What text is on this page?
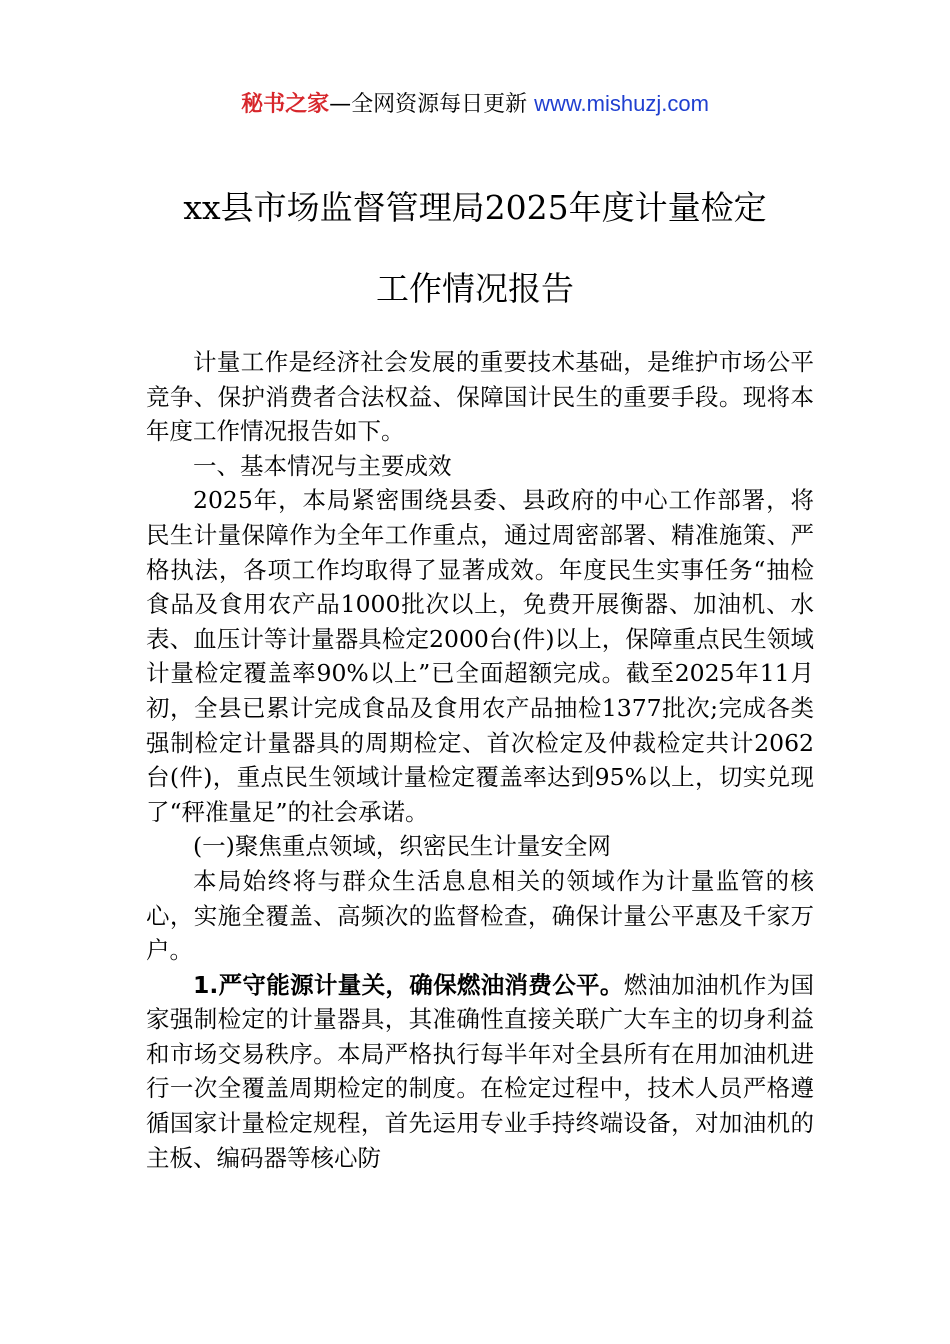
秘书之家—全网资源每日更新 www.mishuzj.com
xx县市场监督管理局2025年度计量检定
工作情况报告

计量工作是经济社会发展的重要技术基础，是维护市场公平竞争、保护消费者合法权益、保障国计民生的重要手段。现将本年度工作情况报告如下。

一、基本情况与主要成效

2025年，本局紧密围绕县委、县政府的中心工作部署，将民生计量保障作为全年工作重点，通过周密部署、精准施策、严格执法，各项工作均取得了显著成效。年度民生实事任务“抽检食品及食用农产品1000批次以上，免费开展衡器、加油机、水表、血压计等计量器具检定2000台(件)以上，保障重点民生领域计量检定覆盖率90%以上”已全面超额完成。截至2025年11月初，全县已累计完成食品及食用农产品抽检1377批次;完成各类强制检定计量器具的周期检定、首次检定及仲裁检定共计2062台(件)，重点民生领域计量检定覆盖率达到95%以上，切实兑现了“秤准量足”的社会承诺。

(一)聚焦重点领域，织密民生计量安全网

本局始终将与群众生活息息相关的领域作为计量监管的核心，实施全覆盖、高频次的监督检查，确保计量公平惠及千家万户。

1.严守能源计量关，确保燃油消费公平。燃油加油机作为国家强制检定的计量器具，其准确性直接关联广大车主的切身利益和市场交易秩序。本局严格执行每半年对全县所有在用加油机进行一次全覆盖周期检定的制度。在检定过程中，技术人员严格遵循国家计量检定规程，首先运用专业手持终端设备，对加油机的主板、编码器等核心防
